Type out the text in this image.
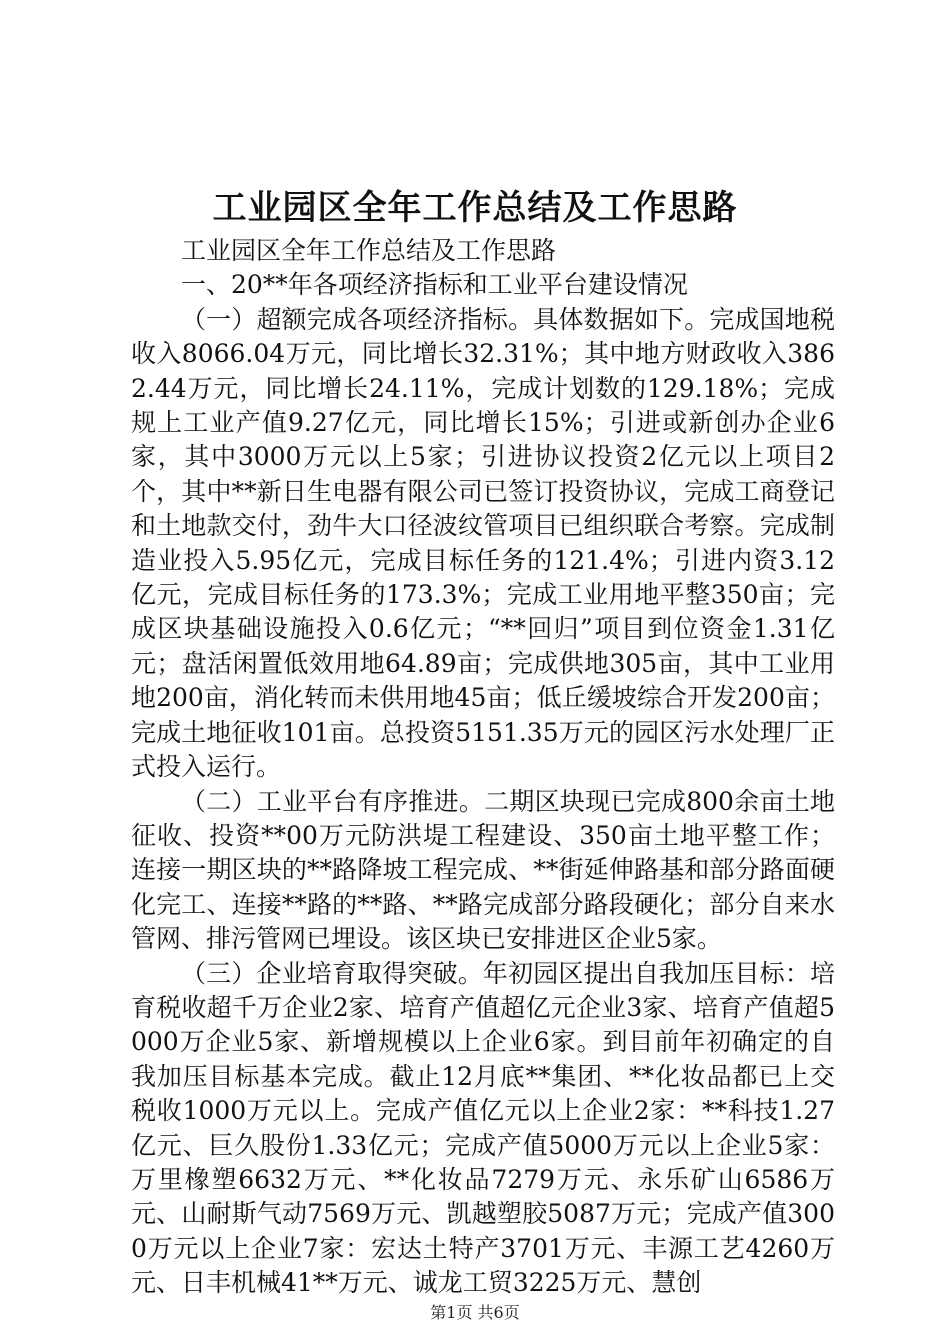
工业园区全年工作总结及工作思路

工业园区全年工作总结及工作思路

一、20**年各项经济指标和工业平台建设情况

（一）超额完成各项经济指标。具体数据如下。完成国地税收入8066.04万元，同比增长32.31%；其中地方财政收入3862.44万元，同比增长24.11%，完成计划数的129.18%；完成规上工业产值9.27亿元，同比增长15%；引进或新创办企业6家，其中3000万元以上5家；引进协议投资2亿元以上项目2个，其中**新日生电器有限公司已签订投资协议，完成工商登记和土地款交付，劲牛大口径波纹管项目已组织联合考察。完成制造业投入5.95亿元，完成目标任务的121.4%；引进内资3.12亿元，完成目标任务的173.3%；完成工业用地平整350亩；完成区块基础设施投入0.6亿元；“**回归”项目到位资金1.31亿元；盘活闲置低效用地64.89亩；完成供地305亩，其中工业用地200亩，消化转而未供用地45亩；低丘缓坡综合开发200亩；完成土地征收101亩。总投资5151.35万元的园区污水处理厂正式投入运行。

（二）工业平台有序推进。二期区块现已完成800余亩土地征收、投资**00万元防洪堤工程建设、350亩土地平整工作；连接一期区块的**路降坡工程完成、**街延伸路基和部分路面硬化完工、连接**路的**路、**路完成部分路段硬化；部分自来水管网、排污管网已埋设。该区块已安排进区企业5家。

（三）企业培育取得突破。年初园区提出自我加压目标：培育税收超千万企业2家、培育产值超亿元企业3家、培育产值超5000万企业5家、新增规模以上企业6家。到目前年初确定的自我加压目标基本完成。截止12月底**集团、**化妆品都已上交税收1000万元以上。完成产值亿元以上企业2家：**科技1.27亿元、巨久股份1.33亿元；完成产值5000万元以上企业5家：万里橡塑6632万元、**化妆品7279万元、永乐矿山6586万元、山耐斯气动7569万元、凯越塑胶5087万元；完成产值3000万元以上企业7家：宏达土特产3701万元、丰源工艺4260万元、日丰机械41**万元、诚龙工贸3225万元、慧创

第1页 共6页
